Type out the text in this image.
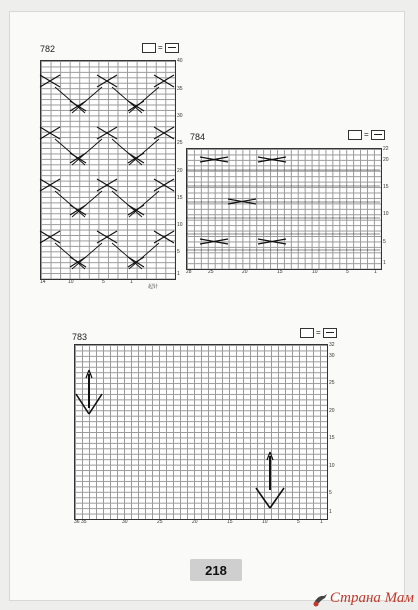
782	=
40
35
30
25
20
15
10
5
1
14	10	5	1
起针
784	=
22
20
15
10
5
1
28	25	20	15	10	5	1
783	=
32
30
25
20
15
10
5
1
36 35	30	25	20	15	10	5	1
218
Страна Мам
